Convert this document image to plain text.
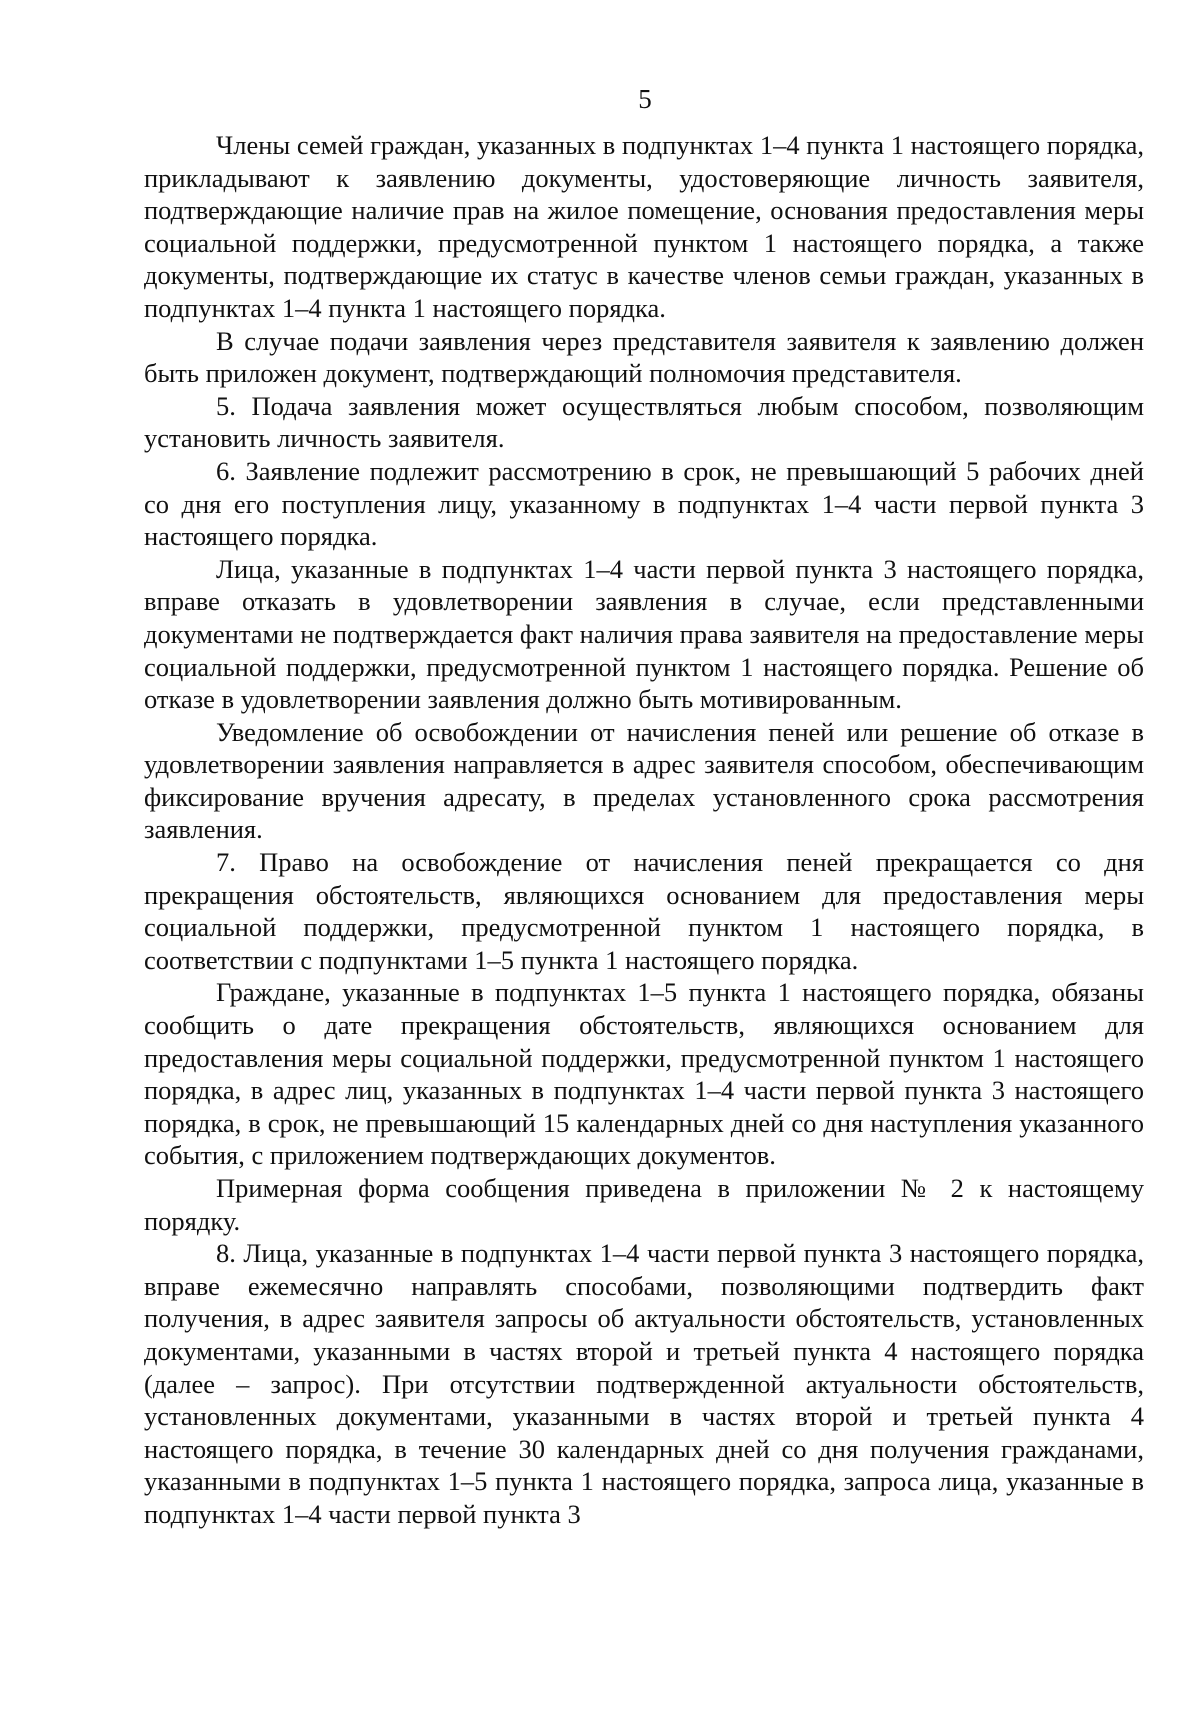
5

Члены семей граждан, указанных в подпунктах 1–4 пункта 1 настоящего порядка, прикладывают к заявлению документы, удостоверяющие личность заявителя, подтверждающие наличие прав на жилое помещение, основания предоставления меры социальной поддержки, предусмотренной пунктом 1 настоящего порядка, а также документы, подтверждающие их статус в качестве членов семьи граждан, указанных в подпунктах 1–4 пункта 1 настоящего порядка.

В случае подачи заявления через представителя заявителя к заявлению должен быть приложен документ, подтверждающий полномочия представителя.

5. Подача заявления может осуществляться любым способом, позволяющим установить личность заявителя.

6. Заявление подлежит рассмотрению в срок, не превышающий 5 рабочих дней со дня его поступления лицу, указанному в подпунктах 1–4 части первой пункта 3 настоящего порядка.

Лица, указанные в подпунктах 1–4 части первой пункта 3 настоящего порядка, вправе отказать в удовлетворении заявления в случае, если представленными документами не подтверждается факт наличия права заявителя на предоставление меры социальной поддержки, предусмотренной пунктом 1 настоящего порядка. Решение об отказе в удовлетворении заявления должно быть мотивированным.

Уведомление об освобождении от начисления пеней или решение об отказе в удовлетворении заявления направляется в адрес заявителя способом, обеспечивающим фиксирование вручения адресату, в пределах установленного срока рассмотрения заявления.

7. Право на освобождение от начисления пеней прекращается со дня прекращения обстоятельств, являющихся основанием для предоставления меры социальной поддержки, предусмотренной пунктом 1 настоящего порядка, в соответствии с подпунктами 1–5 пункта 1 настоящего порядка.

Граждане, указанные в подпунктах 1–5 пункта 1 настоящего порядка, обязаны сообщить о дате прекращения обстоятельств, являющихся основанием для предоставления меры социальной поддержки, предусмотренной пунктом 1 настоящего порядка, в адрес лиц, указанных в подпунктах 1–4 части первой пункта 3 настоящего порядка, в срок, не превышающий 15 календарных дней со дня наступления указанного события, с приложением подтверждающих документов.

Примерная форма сообщения приведена в приложении № 2 к настоящему порядку.

8. Лица, указанные в подпунктах 1–4 части первой пункта 3 настоящего порядка, вправе ежемесячно направлять способами, позволяющими подтвердить факт получения, в адрес заявителя запросы об актуальности обстоятельств, установленных документами, указанными в частях второй и третьей пункта 4 настоящего порядка (далее – запрос). При отсутствии подтвержденной актуальности обстоятельств, установленных документами, указанными в частях второй и третьей пункта 4 настоящего порядка, в течение 30 календарных дней со дня получения гражданами, указанными в подпунктах 1–5 пункта 1 настоящего порядка, запроса лица, указанные в подпунктах 1–4 части первой пункта 3
